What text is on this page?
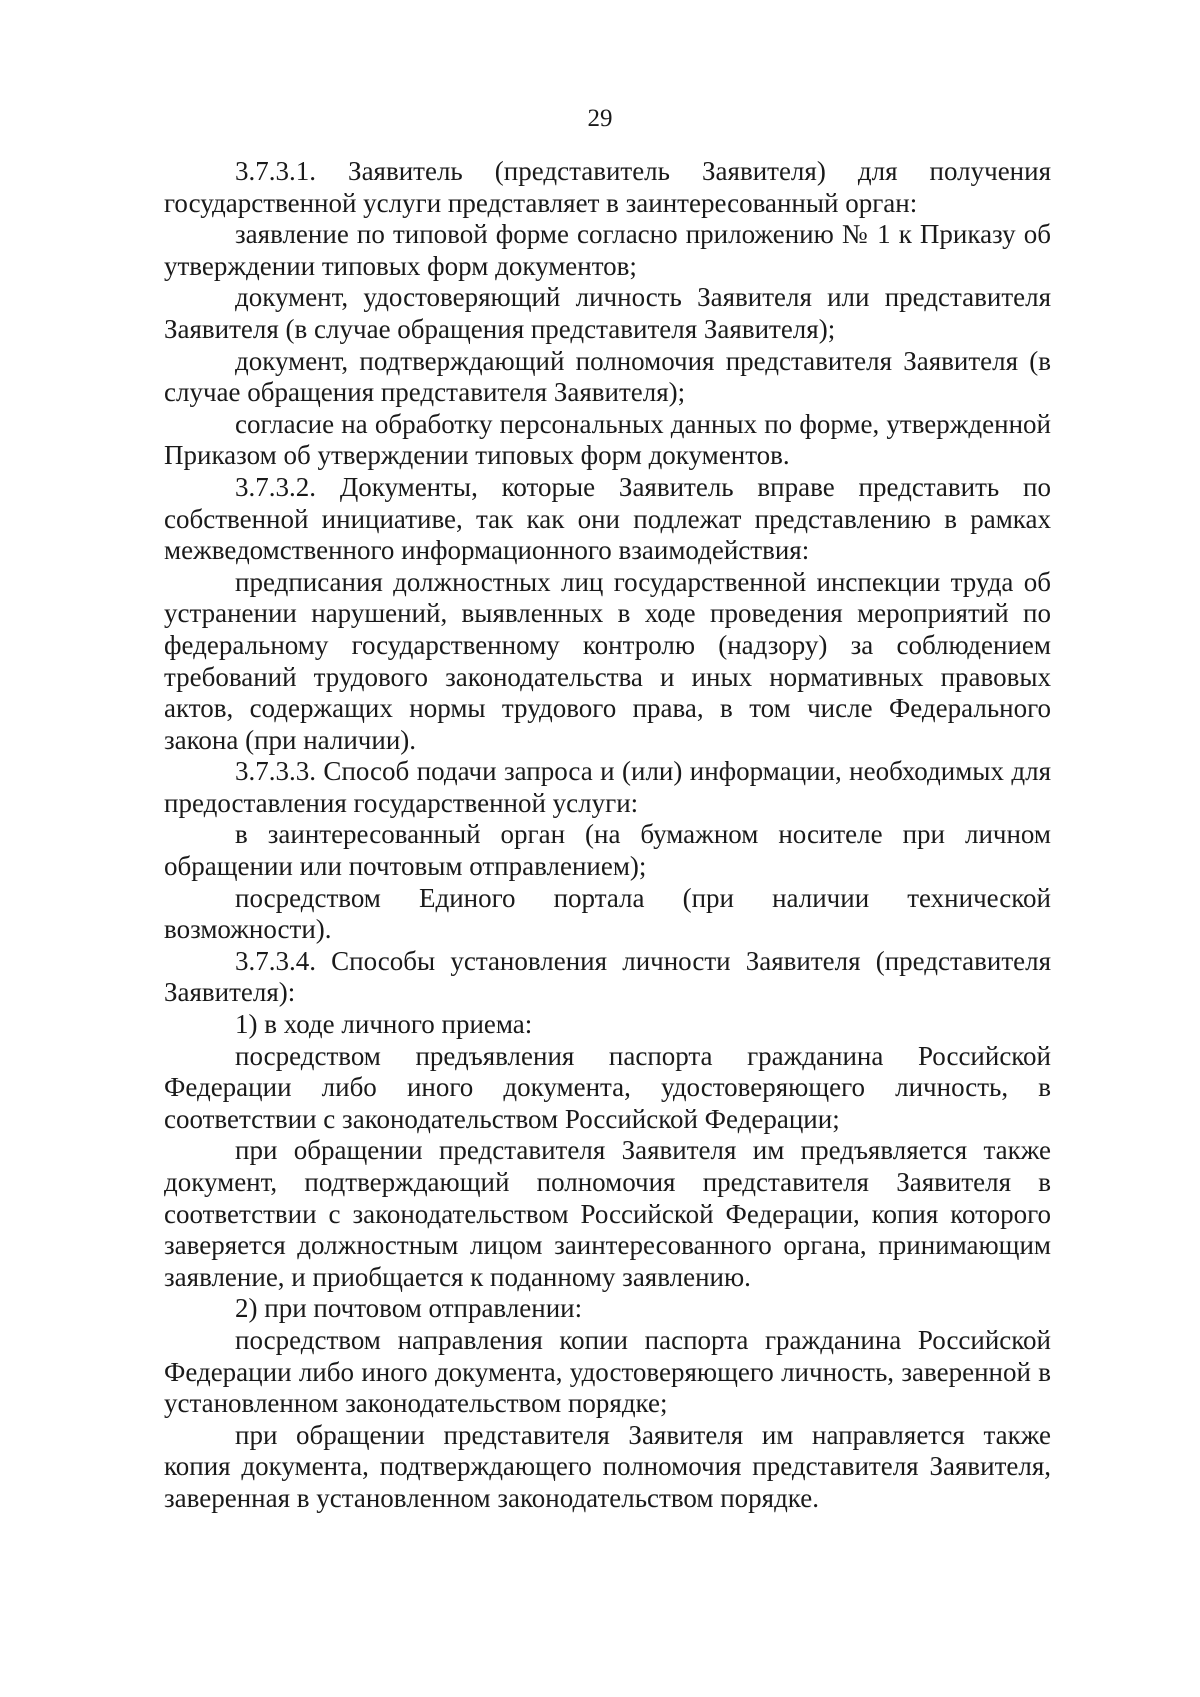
29

3.7.3.1. Заявитель (представитель Заявителя) для получения государственной услуги представляет в заинтересованный орган:

заявление по типовой форме согласно приложению № 1 к Приказу об утверждении типовых форм документов;

документ, удостоверяющий личность Заявителя или представителя Заявителя (в случае обращения представителя Заявителя);

документ, подтверждающий полномочия представителя Заявителя (в случае обращения представителя Заявителя);

согласие на обработку персональных данных по форме, утвержденной Приказом об утверждении типовых форм документов.

3.7.3.2. Документы, которые Заявитель вправе представить по собственной инициативе, так как они подлежат представлению в рамках межведомственного информационного взаимодействия:

предписания должностных лиц государственной инспекции труда об устранении нарушений, выявленных в ходе проведения мероприятий по федеральному государственному контролю (надзору) за соблюдением требований трудового законодательства и иных нормативных правовых актов, содержащих нормы трудового права, в том числе Федерального закона (при наличии).

3.7.3.3. Способ подачи запроса и (или) информации, необходимых для предоставления государственной услуги:

в заинтересованный орган (на бумажном носителе при личном обращении или почтовым отправлением);

посредством Единого портала (при наличии технической возможности).

3.7.3.4. Способы установления личности Заявителя (представителя Заявителя):

1) в ходе личного приема:

посредством предъявления паспорта гражданина Российской Федерации либо иного документа, удостоверяющего личность, в соответствии с законодательством Российской Федерации;

при обращении представителя Заявителя им предъявляется также документ, подтверждающий полномочия представителя Заявителя в соответствии с законодательством Российской Федерации, копия которого заверяется должностным лицом заинтересованного органа, принимающим заявление, и приобщается к поданному заявлению.

2) при почтовом отправлении:

посредством направления копии паспорта гражданина Российской Федерации либо иного документа, удостоверяющего личность, заверенной в установленном законодательством порядке;

при обращении представителя Заявителя им направляется также копия документа, подтверждающего полномочия представителя Заявителя, заверенная в установленном законодательством порядке.
